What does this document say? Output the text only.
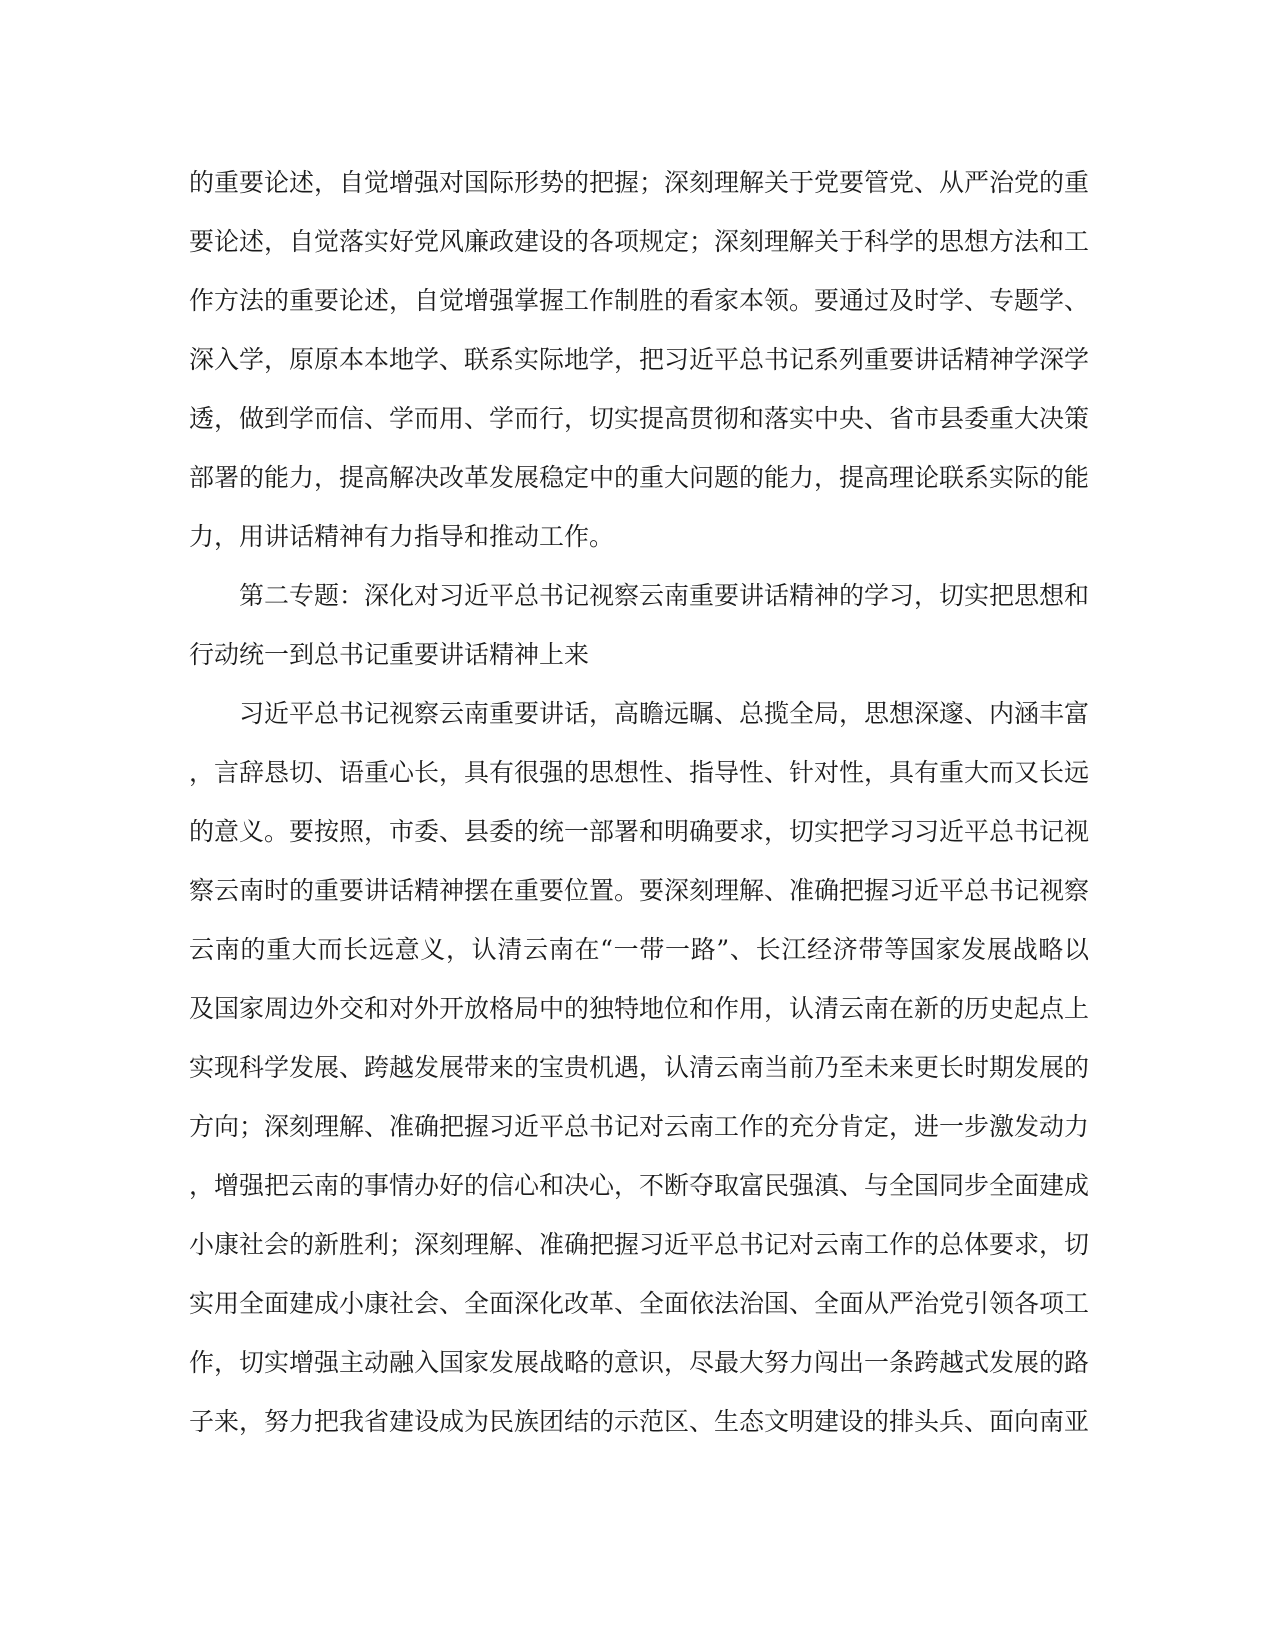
的重要论述，自觉增强对国际形势的把握；深刻理解关于党要管党、从严治党的重
要论述，自觉落实好党风廉政建设的各项规定；深刻理解关于科学的思想方法和工
作方法的重要论述，自觉增强掌握工作制胜的看家本领。要通过及时学、专题学、
深入学，原原本本地学、联系实际地学，把习近平总书记系列重要讲话精神学深学
透，做到学而信、学而用、学而行，切实提高贯彻和落实中央、省市县委重大决策
部署的能力，提高解决改革发展稳定中的重大问题的能力，提高理论联系实际的能
力，用讲话精神有力指导和推动工作。
第二专题：深化对习近平总书记视察云南重要讲话精神的学习，切实把思想和
行动统一到总书记重要讲话精神上来
习近平总书记视察云南重要讲话，高瞻远瞩、总揽全局，思想深邃、内涵丰富
，言辞恳切、语重心长，具有很强的思想性、指导性、针对性，具有重大而又长远
的意义。要按照，市委、县委的统一部署和明确要求，切实把学习习近平总书记视
察云南时的重要讲话精神摆在重要位置。要深刻理解、准确把握习近平总书记视察
云南的重大而长远意义，认清云南在“一带一路”、长江经济带等国家发展战略以
及国家周边外交和对外开放格局中的独特地位和作用，认清云南在新的历史起点上
实现科学发展、跨越发展带来的宝贵机遇，认清云南当前乃至未来更长时期发展的
方向；深刻理解、准确把握习近平总书记对云南工作的充分肯定，进一步激发动力
，增强把云南的事情办好的信心和决心，不断夺取富民强滇、与全国同步全面建成
小康社会的新胜利；深刻理解、准确把握习近平总书记对云南工作的总体要求，切
实用全面建成小康社会、全面深化改革、全面依法治国、全面从严治党引领各项工
作，切实增强主动融入国家发展战略的意识，尽最大努力闯出一条跨越式发展的路
子来，努力把我省建设成为民族团结的示范区、生态文明建设的排头兵、面向南亚
